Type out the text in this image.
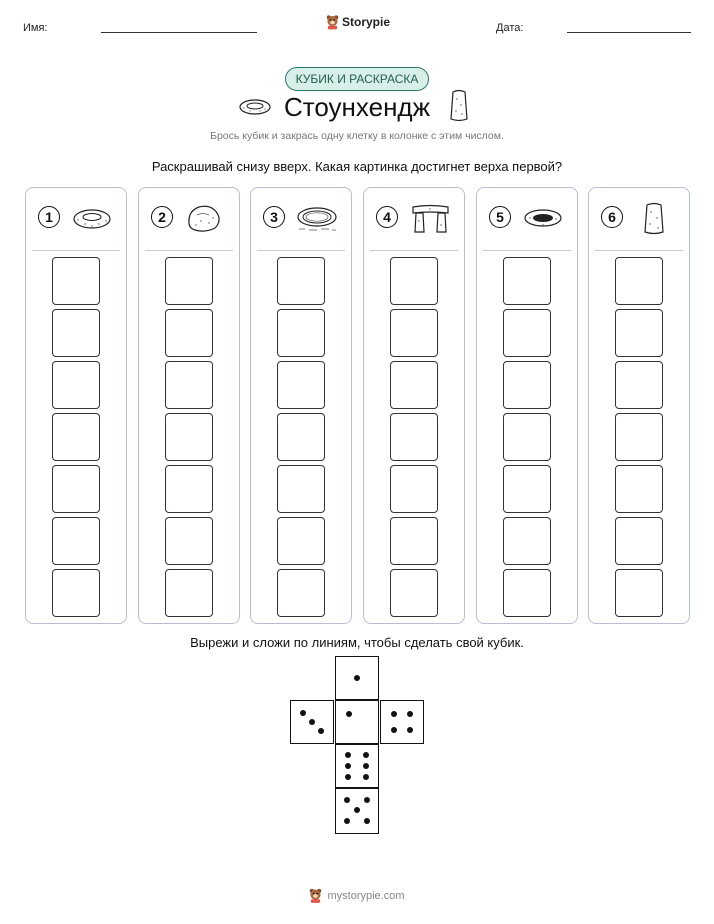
Имя:	Storypie	Дата:
КУБИК И РАСКРАСКА
Стоунхендж
Брось кубик и закрась одну клетку в колонке с этим числом.
Раскрашивай снизу вверх. Какая картинка достигнет верха первой?
1	2	3	4	5	6
Вырежи и сложи по линиям, чтобы сделать свой кубик.
mystorypie.com
